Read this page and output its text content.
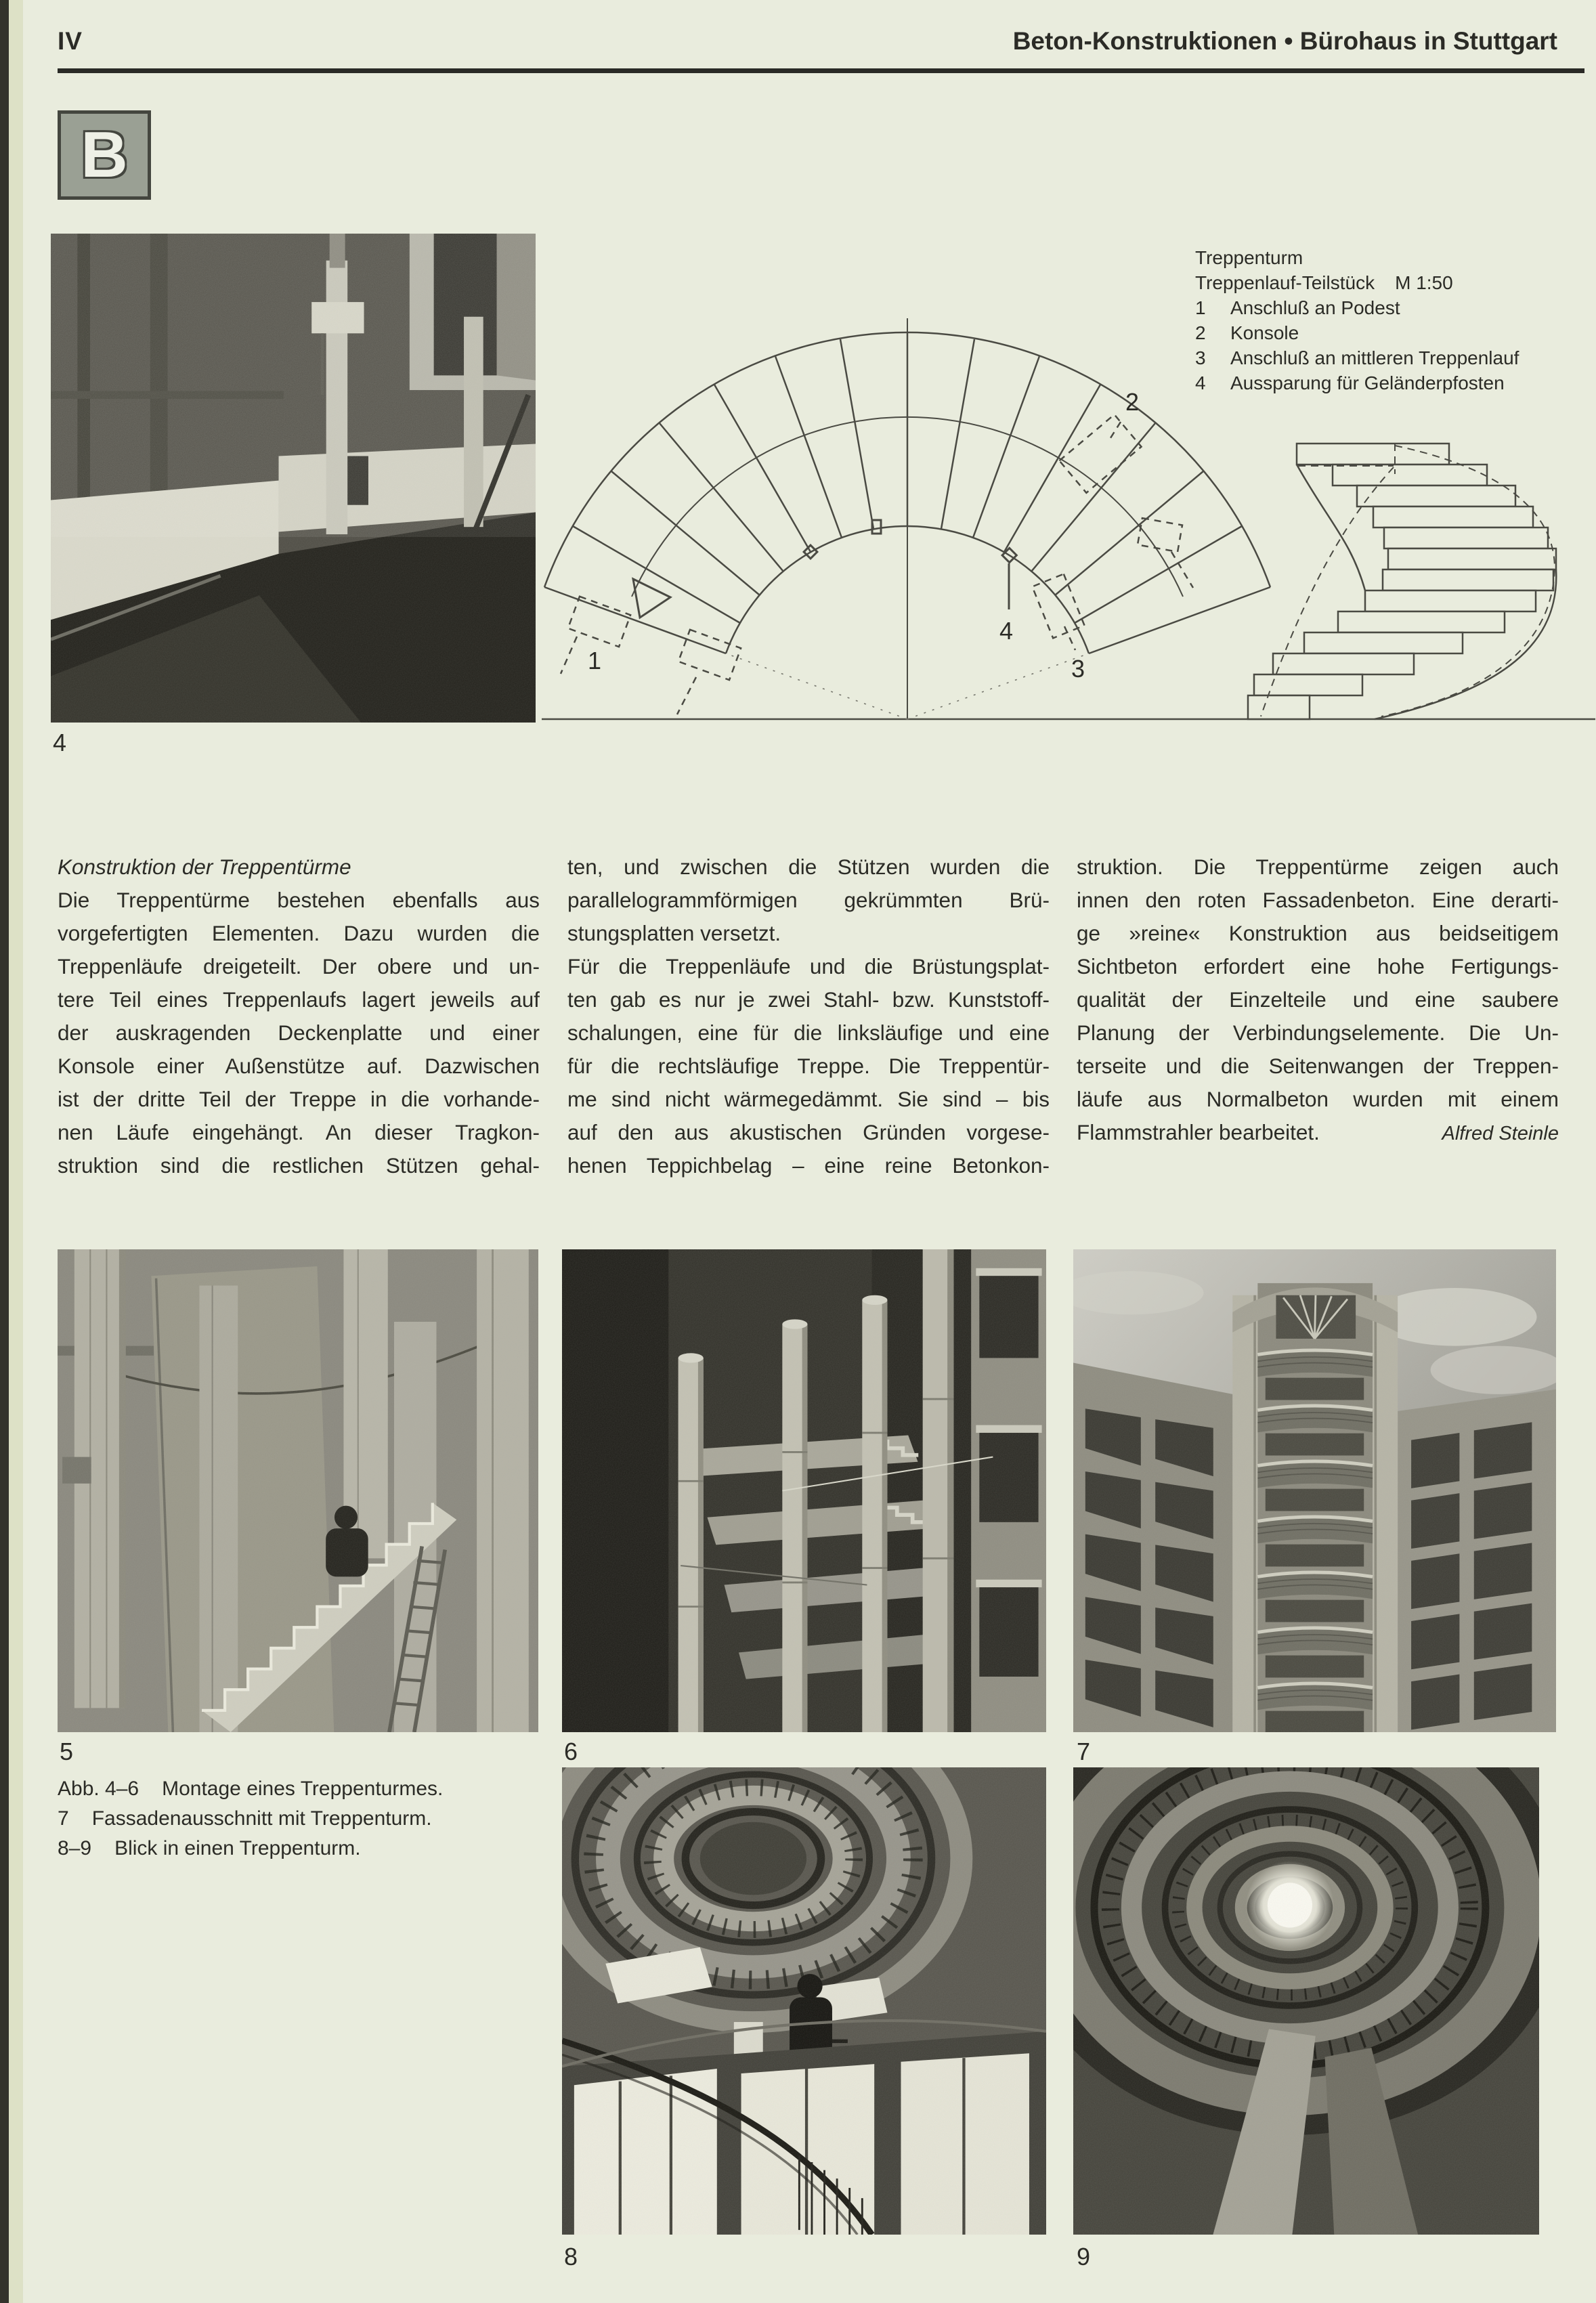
IV	Beton-Konstruktionen • Bürohaus in Stuttgart
B
4
1
2
3
4
Treppenturm
Treppenlauf-Teilstück M 1:50
1	Anschluß an Podest
2	Konsole
3	Anschluß an mittleren Treppenlauf
4	Aussparung für Geländerpfosten
Konstruktion der Treppentürme
Die Treppentürme bestehen ebenfalls aus
vorgefertigten Elementen. Dazu wurden die
Treppenläufe dreigeteilt. Der obere und un-
tere Teil eines Treppenlaufs lagert jeweils auf
der auskragenden Deckenplatte und einer
Konsole einer Außenstütze auf. Dazwischen
ist der dritte Teil der Treppe in die vorhande-
nen Läufe eingehängt. An dieser Tragkon-
struktion sind die restlichen Stützen gehal-
ten, und zwischen die Stützen wurden die
parallelogrammförmigen gekrümmten Brü-
stungsplatten versetzt.
Für die Treppenläufe und die Brüstungsplat-
ten gab es nur je zwei Stahl- bzw. Kunststoff-
schalungen, eine für die linksläufige und eine
für die rechtsläufige Treppe. Die Treppentür-
me sind nicht wärmegedämmt. Sie sind – bis
auf den aus akustischen Gründen vorgese-
henen Teppichbelag – eine reine Betonkon-
struktion. Die Treppentürme zeigen auch
innen den roten Fassadenbeton. Eine derarti-
ge »reine« Konstruktion aus beidseitigem
Sichtbeton erfordert eine hohe Fertigungs-
qualität der Einzelteile und eine saubere
Planung der Verbindungselemente. Die Un-
terseite und die Seitenwangen der Treppen-
läufe aus Normalbeton wurden mit einem
Flammstrahler bearbeitet.	Alfred Steinle
5	6	7
Abb. 4–6 Montage eines Treppenturmes.
7 Fassadenausschnitt mit Treppenturm.
8–9 Blick in einen Treppenturm.
8	9
